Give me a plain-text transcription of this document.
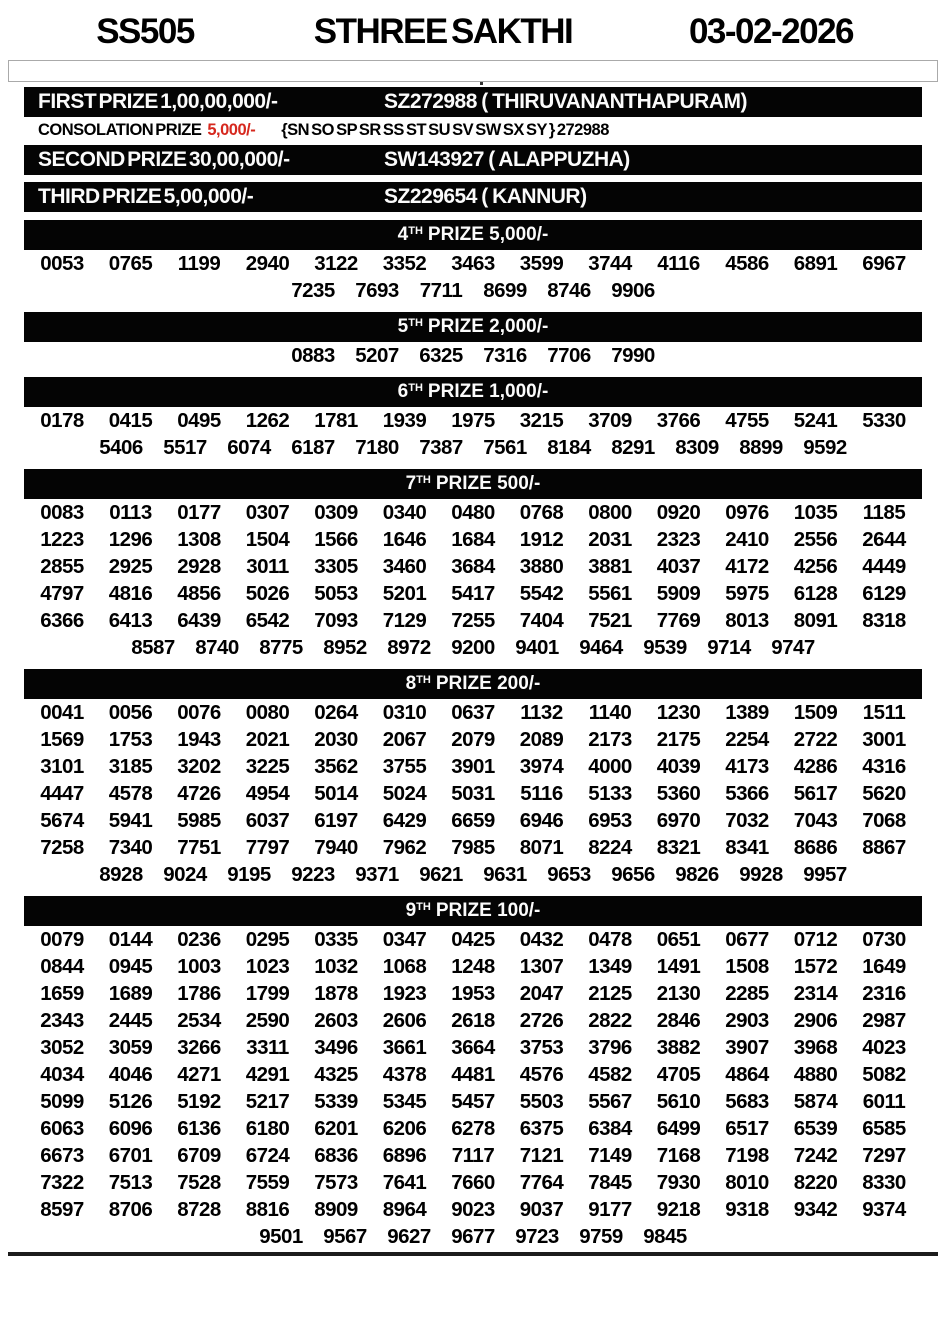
SS505	STHREE SAKTHI	03-02-2026
FIRST PRIZE 1,00,00,000/-	SZ272988 ( THIRUVANANTHAPURAM)
CONSOLATION PRIZE 5,000/- {SN SO SP SR SS ST SU SV SW SX SY } 272988
SECOND PRIZE 30,00,000/-	SW143927 ( ALAPPUZHA)
THIRD PRIZE 5,00,000/-	SZ229654 ( KANNUR)
4TH PRIZE 5,000/-
0053	0765	1199	2940	3122	3352	3463	3599	3744	4116	4586	6891	6967
7235 7693	7711	8699 8746 9906
5TH PRIZE 2,000/-
0883 5207 6325 7316 7706 7990
6TH PRIZE 1,000/-
0178	0415	0495	1262	1781	1939	1975	3215	3709	3766	4755	5241	5330
5406 5517 6074 6187 7180 7387 7561 8184 8291 8309 8899 9592
7TH PRIZE 500/-
0083	0113	0177	0307	0309	0340	0480	0768	0800	0920	0976	1035	1185
1223	1296	1308	1504	1566	1646	1684	1912	2031	2323	2410	2556	2644
2855	2925	2928	3011	3305	3460	3684	3880	3881	4037	4172	4256	4449
4797	4816	4856	5026	5053	5201	5417	5542	5561	5909	5975	6128	6129
6366	6413	6439	6542	7093	7129	7255	7404	7521	7769	8013	8091	8318
8587 8740 8775 8952 8972 9200 9401 9464 9539 9714 9747
8TH PRIZE 200/-
0041	0056	0076	0080	0264	0310	0637	1132	1140	1230	1389	1509	1511
1569	1753	1943	2021	2030	2067	2079	2089	2173	2175	2254	2722	3001
3101	3185	3202	3225	3562	3755	3901	3974	4000	4039	4173	4286	4316
4447	4578	4726	4954	5014	5024	5031	5116	5133	5360	5366	5617	5620
5674	5941	5985	6037	6197	6429	6659	6946	6953	6970	7032	7043	7068
7258	7340	7751	7797	7940	7962	7985	8071	8224	8321	8341	8686	8867
8928 9024 9195 9223 9371 9621 9631 9653 9656 9826 9928 9957
9TH PRIZE 100/-
0079	0144	0236	0295	0335	0347	0425	0432	0478	0651	0677	0712	0730
0844	0945	1003	1023	1032	1068	1248	1307	1349	1491	1508	1572	1649
1659	1689	1786	1799	1878	1923	1953	2047	2125	2130	2285	2314	2316
2343	2445	2534	2590	2603	2606	2618	2726	2822	2846	2903	2906	2987
3052	3059	3266	3311	3496	3661	3664	3753	3796	3882	3907	3968	4023
4034	4046	4271	4291	4325	4378	4481	4576	4582	4705	4864	4880	5082
5099	5126	5192	5217	5339	5345	5457	5503	5567	5610	5683	5874	6011
6063	6096	6136	6180	6201	6206	6278	6375	6384	6499	6517	6539	6585
6673	6701	6709	6724	6836	6896	7117	7121	7149	7168	7198	7242	7297
7322	7513	7528	7559	7573	7641	7660	7764	7845	7930	8010	8220	8330
8597	8706	8728	8816	8909	8964	9023	9037	9177	9218	9318	9342	9374
9501 9567 9627 9677 9723 9759 9845
